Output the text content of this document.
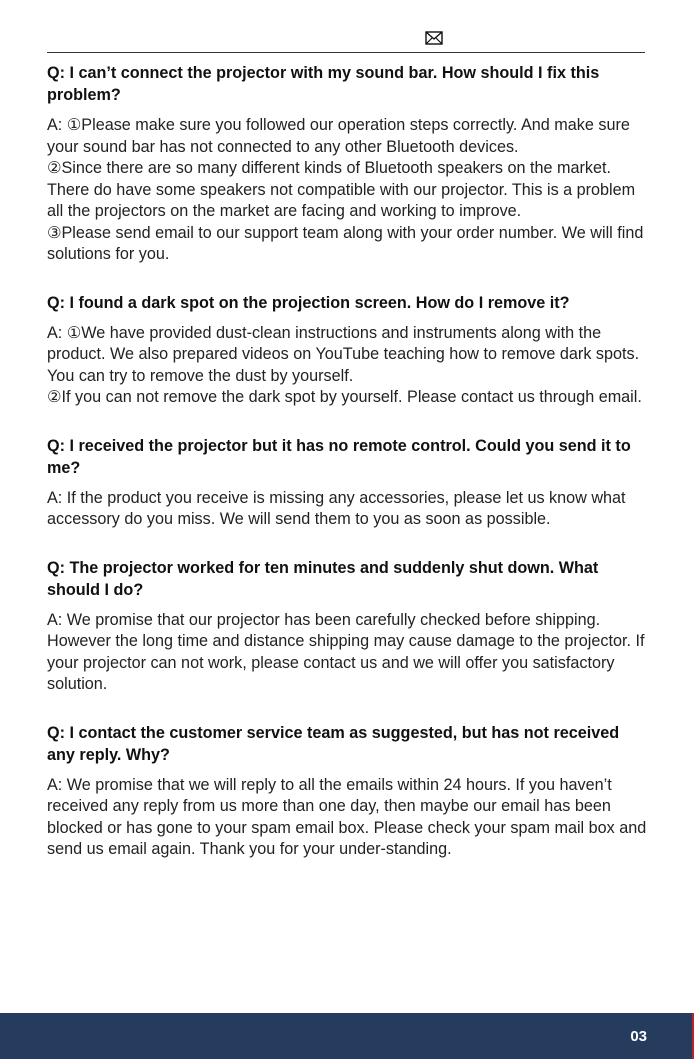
Q: I can’t connect the projector with my sound bar. How should I fix this problem?

A: ①Please make sure you followed our operation steps correctly. And make sure your sound bar has not connected to any other Bluetooth devices.
②Since there are so many different kinds of Bluetooth speakers on the market. There do have some speakers not compatible with our projector. This is a problem all the projectors on the market are facing and working to improve.
③Please send email to our support team along with your order number. We will find solutions for you.

Q: I found a dark spot on the projection screen. How do I remove it?

A: ①We have provided dust-clean instructions and instruments along with the product. We also prepared videos on YouTube teaching how to remove dark spots. You can try to remove the dust by yourself.
②If you can not remove the dark spot by yourself. Please contact us through email.

Q: I received the projector but it has no remote control. Could you send it to me?

A: If the product you receive is missing any accessories, please let us know what accessory do you miss. We will send them to you as soon as possible.

Q: The projector worked for ten minutes and suddenly shut down. What should I do?

A: We promise that our projector has been carefully checked before shipping. However the long time and distance shipping may cause damage to the projector. If your projector can not work, please contact us and we will offer you satisfactory solution.

Q: I contact the customer service team as suggested, but has not received any reply. Why?

A: We promise that we will reply to all the emails within 24 hours. If you haven’t received any reply from us more than one day, then maybe our email has been blocked or has gone to your spam email box. Please check your spam mail box and send us email again. Thank you for your under-standing.

03
